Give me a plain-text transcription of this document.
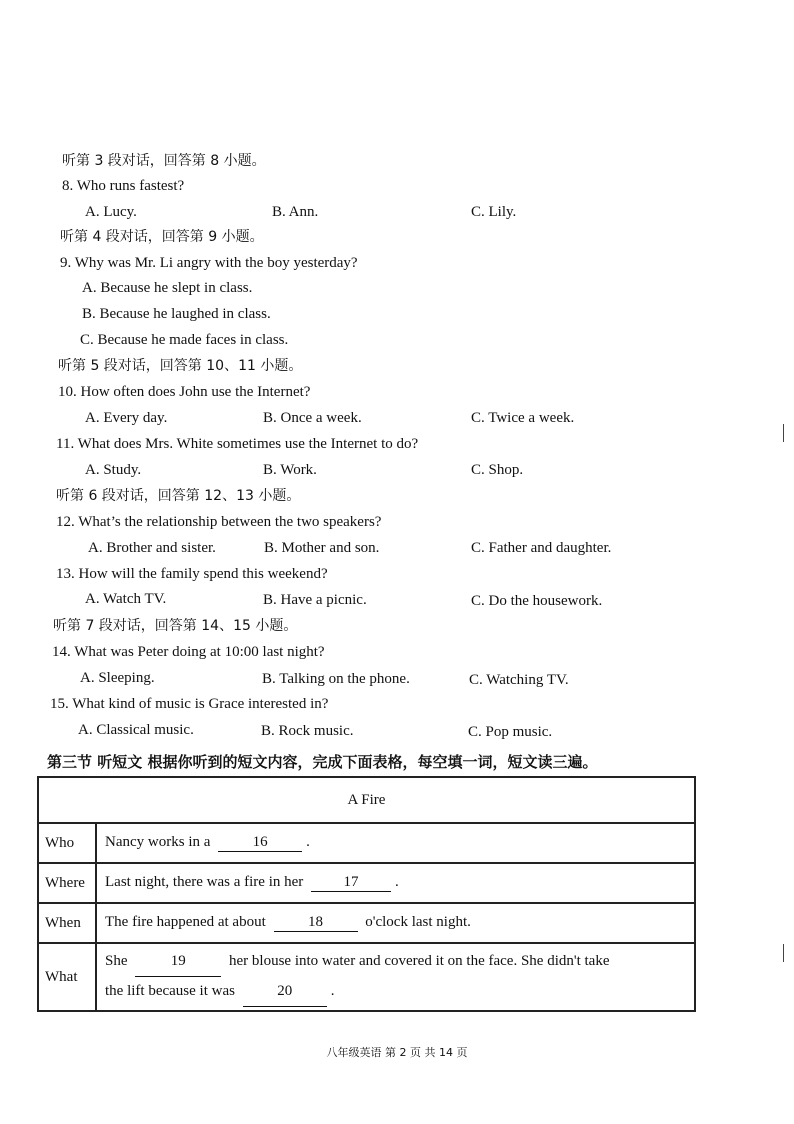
听第 3 段对话，回答第 8 小题。
8. Who runs fastest?
A. Lucy.	B. Ann.	C. Lily.
听第 4 段对话，回答第 9 小题。
9. Why was Mr. Li angry with the boy yesterday?
A. Because he slept in class.
B. Because he laughed in class.
C. Because he made faces in class.
听第 5 段对话，回答第 10、11 小题。
10. How often does John use the Internet?
A. Every day.	B. Once a week.	C. Twice a week.
11. What does Mrs. White sometimes use the Internet to do?
A. Study.	B. Work.	C. Shop.
听第 6 段对话，回答第 12、13 小题。
12. What’s the relationship between the two speakers?
A. Brother and sister.	B. Mother and son.	C. Father and daughter.
13. How will the family spend this weekend?
A. Watch TV.	B. Have a picnic.	C. Do the housework.
听第 7 段对话，回答第 14、15 小题。
14. What was Peter doing at 10:00 last night?
A. Sleeping.	B. Talking on the phone.	C. Watching TV.
15. What kind of music is Grace interested in?
A. Classical music.	B. Rock music.	C. Pop music.
第三节 听短文 根据你听到的短文内容，完成下面表格，每空填一词，短文读三遍。
A Fire	
Who	Nancy works in a 16 .
Where	Last night, there was a fire in her 17 .
When	The fire happened at about 18 o'clock last night.
What	She 19 her blouse into water and covered it on the face. She didn't take
the lift because it was 20 .
八年级英语 第 2 页 共 14 页
